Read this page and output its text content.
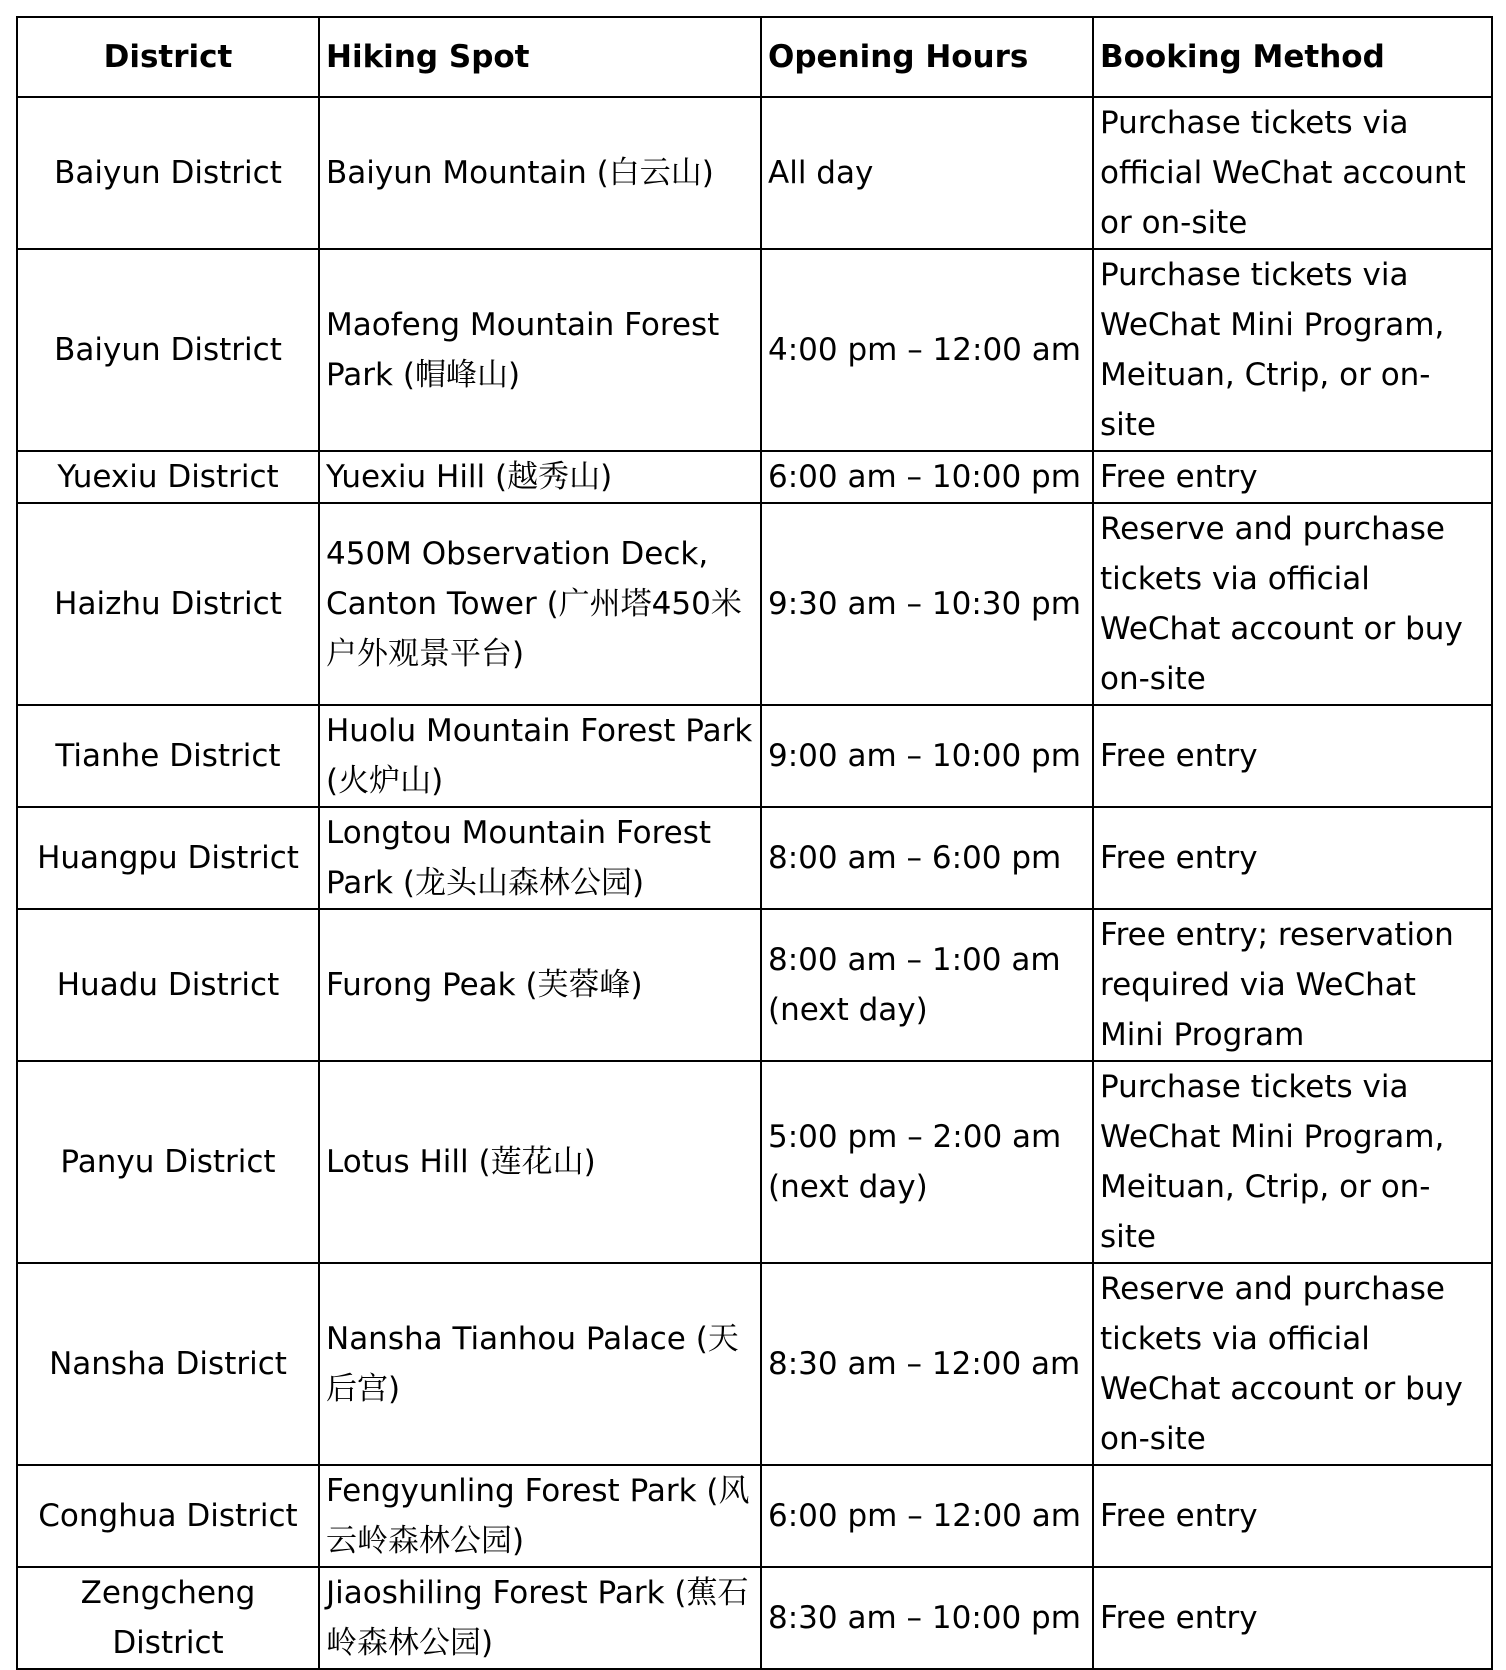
District	Hiking Spot	Opening Hours	Booking Method
Baiyun District	Baiyun Mountain (白云山)	All day	Purchase tickets via official WeChat account or on-site
Baiyun District	Maofeng Mountain Forest Park (帽峰山)	4:00 pm – 12:00 am	Purchase tickets via WeChat Mini Program, Meituan, Ctrip, or on-site
Yuexiu District	Yuexiu Hill (越秀山)	6:00 am – 10:00 pm	Free entry
Haizhu District	450M Observation Deck, Canton Tower (广州塔450米户外观景平台)	9:30 am – 10:30 pm	Reserve and purchase tickets via official WeChat account or buy on-site
Tianhe District	Huolu Mountain Forest Park (火炉山)	9:00 am – 10:00 pm	Free entry
Huangpu District	Longtou Mountain Forest Park (龙头山森林公园)	8:00 am – 6:00 pm	Free entry
Huadu District	Furong Peak (芙蓉峰)	8:00 am – 1:00 am (next day)	Free entry; reservation required via WeChat Mini Program
Panyu District	Lotus Hill (莲花山)	5:00 pm – 2:00 am (next day)	Purchase tickets via WeChat Mini Program, Meituan, Ctrip, or on-site
Nansha District	Nansha Tianhou Palace (天后宫)	8:30 am – 12:00 am	Reserve and purchase tickets via official WeChat account or buy on-site
Conghua District	Fengyunling Forest Park (风云岭森林公园)	6:00 pm – 12:00 am	Free entry
Zengcheng District	Jiaoshiling Forest Park (蕉石岭森林公园)	8:30 am – 10:00 pm	Free entry
